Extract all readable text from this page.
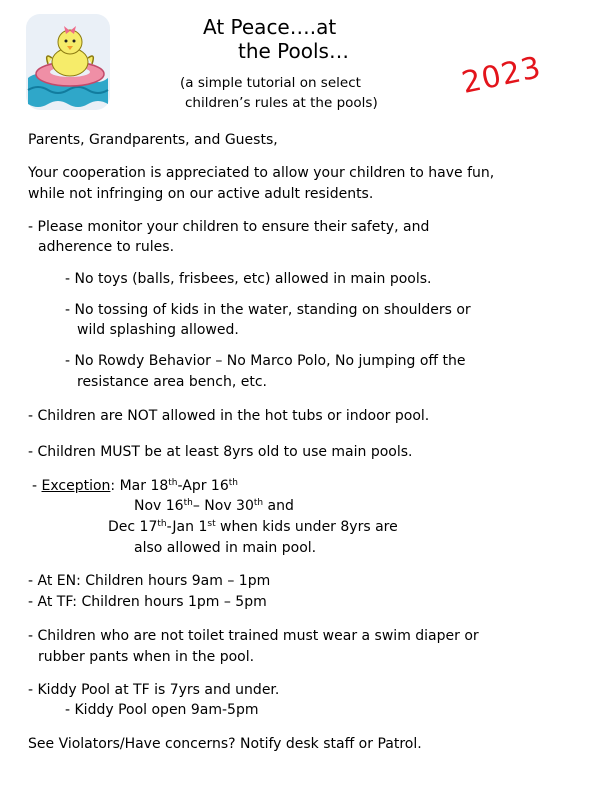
At Peace….at
the Pools…
(a simple tutorial on select
children’s rules at the pools)
2023
Parents, Grandparents, and Guests,
Your cooperation is appreciated to allow your children to have fun,
while not infringing on our active adult residents.
- Please monitor your children to ensure their safety, and
adherence to rules.
- No toys (balls, frisbees, etc) allowed in main pools.
- No tossing of kids in the water, standing on shoulders or
wild splashing allowed.
- No Rowdy Behavior – No Marco Polo, No jumping off the
resistance area bench, etc.
- Children are NOT allowed in the hot tubs or indoor pool.
- Children MUST be at least 8yrs old to use main pools.
- Exception: Mar 18th-Apr 16th
Nov 16th– Nov 30th and
Dec 17th-Jan 1st when kids under 8yrs are
also allowed in main pool.
- At EN: Children hours 9am – 1pm
- At TF: Children hours 1pm – 5pm
- Children who are not toilet trained must wear a swim diaper or
rubber pants when in the pool.
- Kiddy Pool at TF is 7yrs and under.
- Kiddy Pool open 9am-5pm
See Violators/Have concerns? Notify desk staff or Patrol.
